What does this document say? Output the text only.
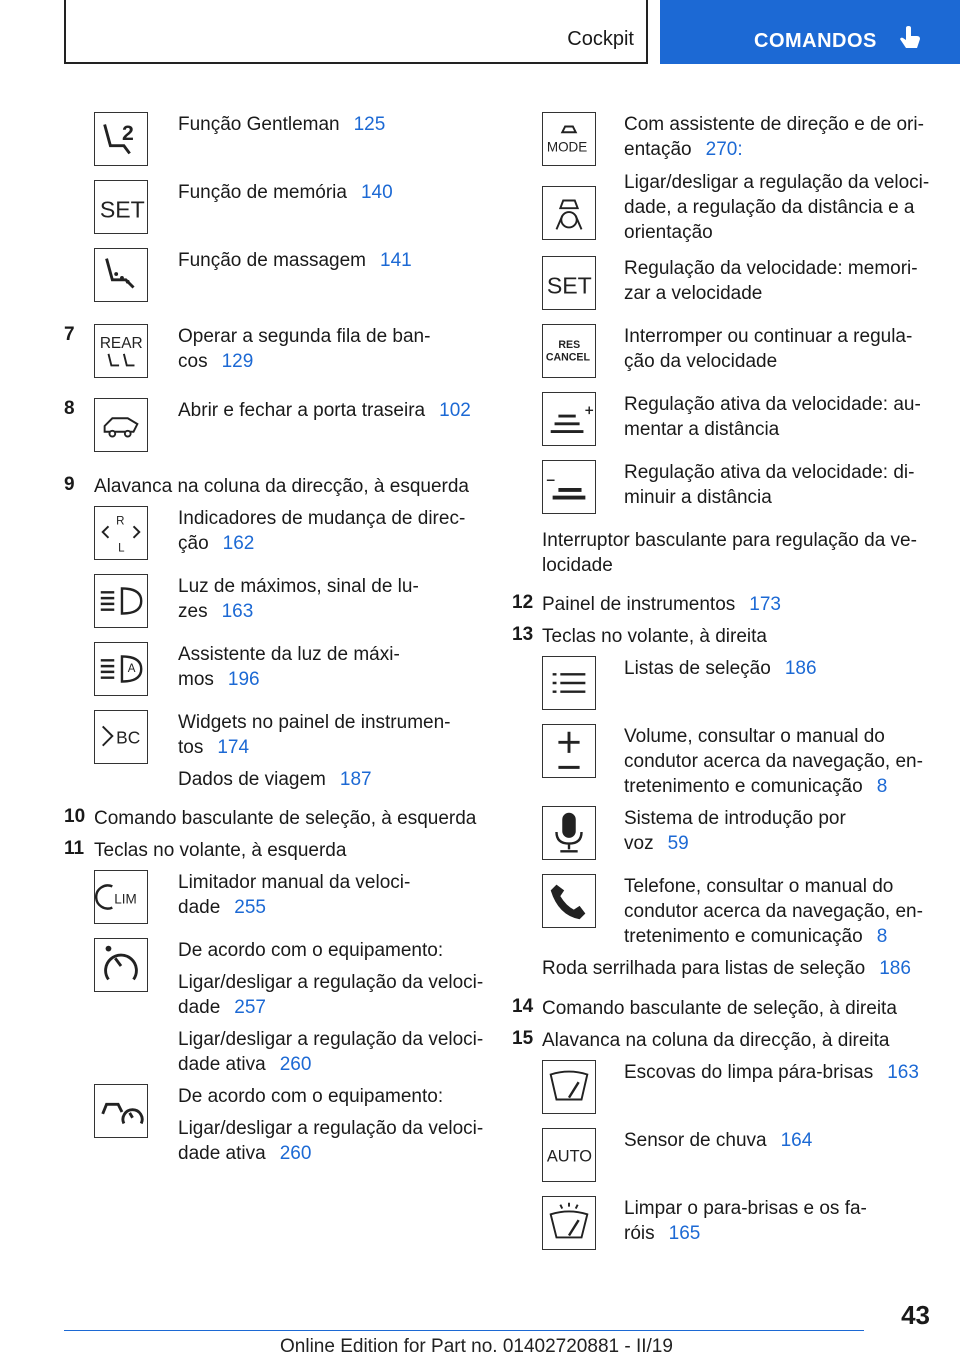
Cockpit	COMANDOS
2 Função Gentleman 125
SET
Função de memória 140
Função de massagem 141
7 REAR Operar a segunda fila de ban-
cos 129
8	Abrir e fechar a porta traseira 102
9 Alavanca na coluna da direcção, à esquerda
R
L
Indicadores de mudança de direc-
ção 162
Luz de máximos, sinal de lu-
zes 163
A
Assistente da luz de máxi-
mos 196
BC
Widgets no painel de instrumen-
tos 174
Dados de viagem 187
10 Comando basculante de seleção, à esquerda
11 Teclas no volante, à esquerda
LIM
Limitador manual da veloci-
dade 255
De acordo com o equipamento:
Ligar/desligar a regulação da veloci-
dade 257
Ligar/desligar a regulação da veloci-
dade ativa 260
De acordo com o equipamento:
Ligar/desligar a regulação da veloci-
dade ativa 260
MODE
Com assistente de direção e de ori-
entação 270:
Ligar/desligar a regulação da veloci-
dade, a regulação da distância e a
orientação
SET
Regulação da velocidade: memori-
zar a velocidade
RES
CANCEL
Interromper ou continuar a regula-
ção da velocidade
Regulação ativa da velocidade: au-
mentar a distância
Regulação ativa da velocidade: di-
minuir a distância
Interruptor basculante para regulação da ve-
locidade
12 Painel de instrumentos 173
13 Teclas no volante, à direita
Listas de seleção 186
Volume, consultar o manual do
condutor acerca da navegação, en-
tretenimento e comunicação 8
Sistema de introdução por
voz 59
Telefone, consultar o manual do
condutor acerca da navegação, en-
tretenimento e comunicação 8
Roda serrilhada para listas de seleção 186
14 Comando basculante de seleção, à direita
15 Alavanca na coluna da direcção, à direita
Escovas do limpa pára-brisas 163
AUTO
Sensor de chuva 164
Limpar o para-brisas e os fa-
róis 165
43
Online Edition for Part no. 01402720881 - II/19
